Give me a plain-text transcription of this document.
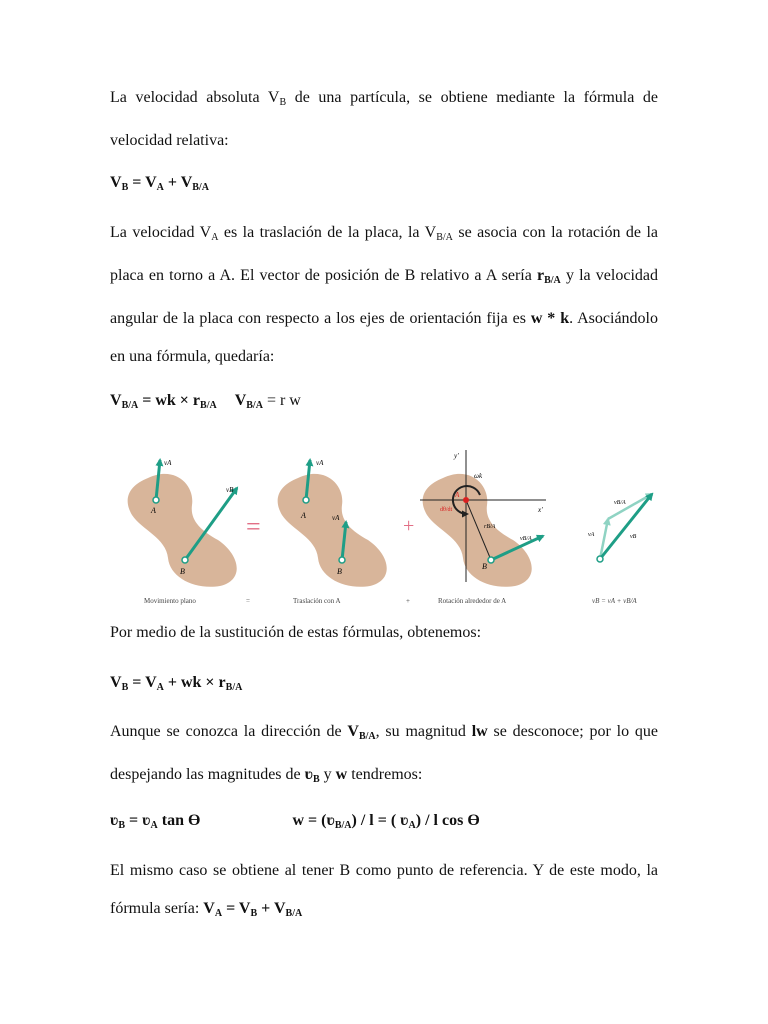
La velocidad absoluta $V_B$ de una partícula, se obtiene mediante la fórmula de velocidad relativa:

$V_B = V_A + V_{B/A}$

La velocidad $V_A$ es la traslación de la placa, la $V_{B/A}$ se asocia con la rotación de la placa en torno a A. El vector de posición de B relativo a A sería $r_{B/A}$ y la velocidad angular de la placa con respecto a los ejes de orientación fija es w * k. Asociándolo en una fórmula, quedaría:

$V_{B/A}$ = wk × $r_{B/A}$ $V_{B/A} = r$ w

vA
vB
A
B
=
vA
vA
A
B
+
y′
x′
ωk
A
dθ/dt
rB/A
vB/A
B
vA
vB/A
vB
Movimiento plano	=	Traslación con A	+	Rotación alrededor de A	vB = vA + vB/A

Por medio de la sustitución de estas fórmulas, obtenemos:

$V_B = V_A$ + wk × $r_{B/A}$

Aunque se conozca la dirección de $V_{B/A}$, su magnitud lw se desconoce; por lo que despejando las magnitudes de ʋ$_B$ y w tendremos:

ʋ$_B$ = ʋ$_A$ tan ϴ	w = (ʋ$_{B/A}$) / l = ( ʋ$_A$) / l cos ϴ

El mismo caso se obtiene al tener B como punto de referencia. Y de este modo, la fórmula sería: $V_A = V_B + V_{B/A}$
